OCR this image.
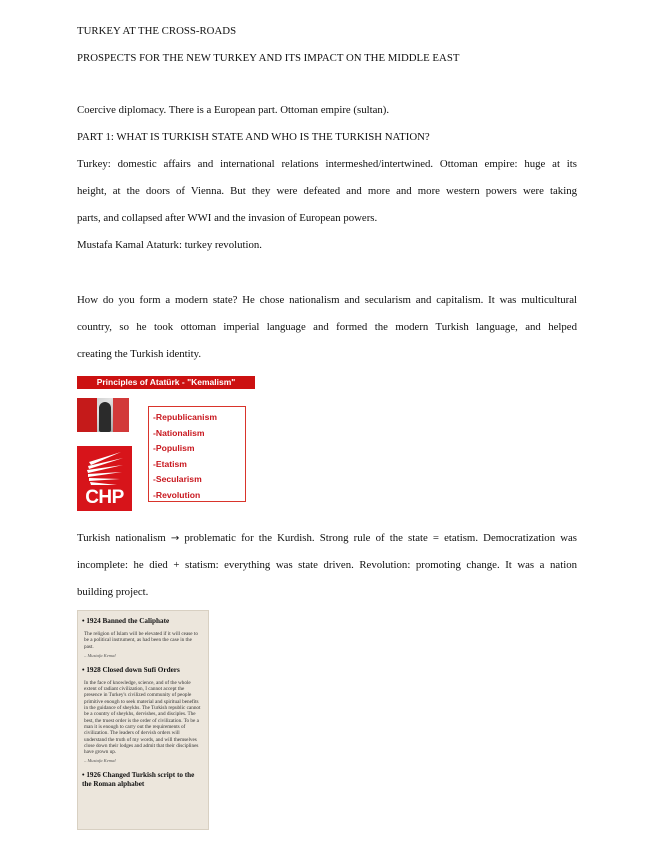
TURKEY AT THE CROSS-ROADS
PROSPECTS FOR THE NEW TURKEY AND ITS IMPACT ON THE MIDDLE EAST
Coercive diplomacy. There is a European part. Ottoman empire (sultan).
PART 1: WHAT IS TURKISH STATE AND WHO IS THE TURKISH NATION?
Turkey: domestic affairs and international relations intermeshed/intertwined. Ottoman empire: huge at its
height, at the doors of Vienna. But they were defeated and more and more western powers were taking
parts, and collapsed after WWI and the invasion of European powers.
Mustafa Kamal Ataturk: turkey revolution.
How do you form a modern state? He chose nationalism and secularism and capitalism. It was multicultural
country, so he took ottoman imperial language and formed the modern Turkish language, and helped
creating the Turkish identity.
Principles of Atatürk - "Kemalism"
CHP
-Republicanism
-Nationalism
-Populism
-Etatism
-Secularism
-Revolution
Turkish nationalism → problematic for the Kurdish. Strong rule of the state = etatism. Democratization was
incomplete: he died + statism: everything was state driven. Revolution: promoting change. It was a nation
building project.
• 1924 Banned the Caliphate
The religion of Islam will be elevated if it will cease to be a political instrument, as had been the case in the past.
– Mustafa Kemal
• 1928 Closed down Sufi Orders
In the face of knowledge, science, and of the whole extent of radiant civilization, I cannot accept the presence in Turkey's civilized community of people primitive enough to seek material and spiritual benefits in the guidance of sheykhs. The Turkish republic cannot be a country of sheykhs, dervishes, and disciples. The best, the truest order is the order of civilization. To be a man it is enough to carry out the requirements of civilization. The leaders of dervish orders will understand the truth of my words, and will themselves close down their lodges and admit that their disciplines have grown up.
– Mustafa Kemal
• 1926 Changed Turkish script to the the Roman alphabet
